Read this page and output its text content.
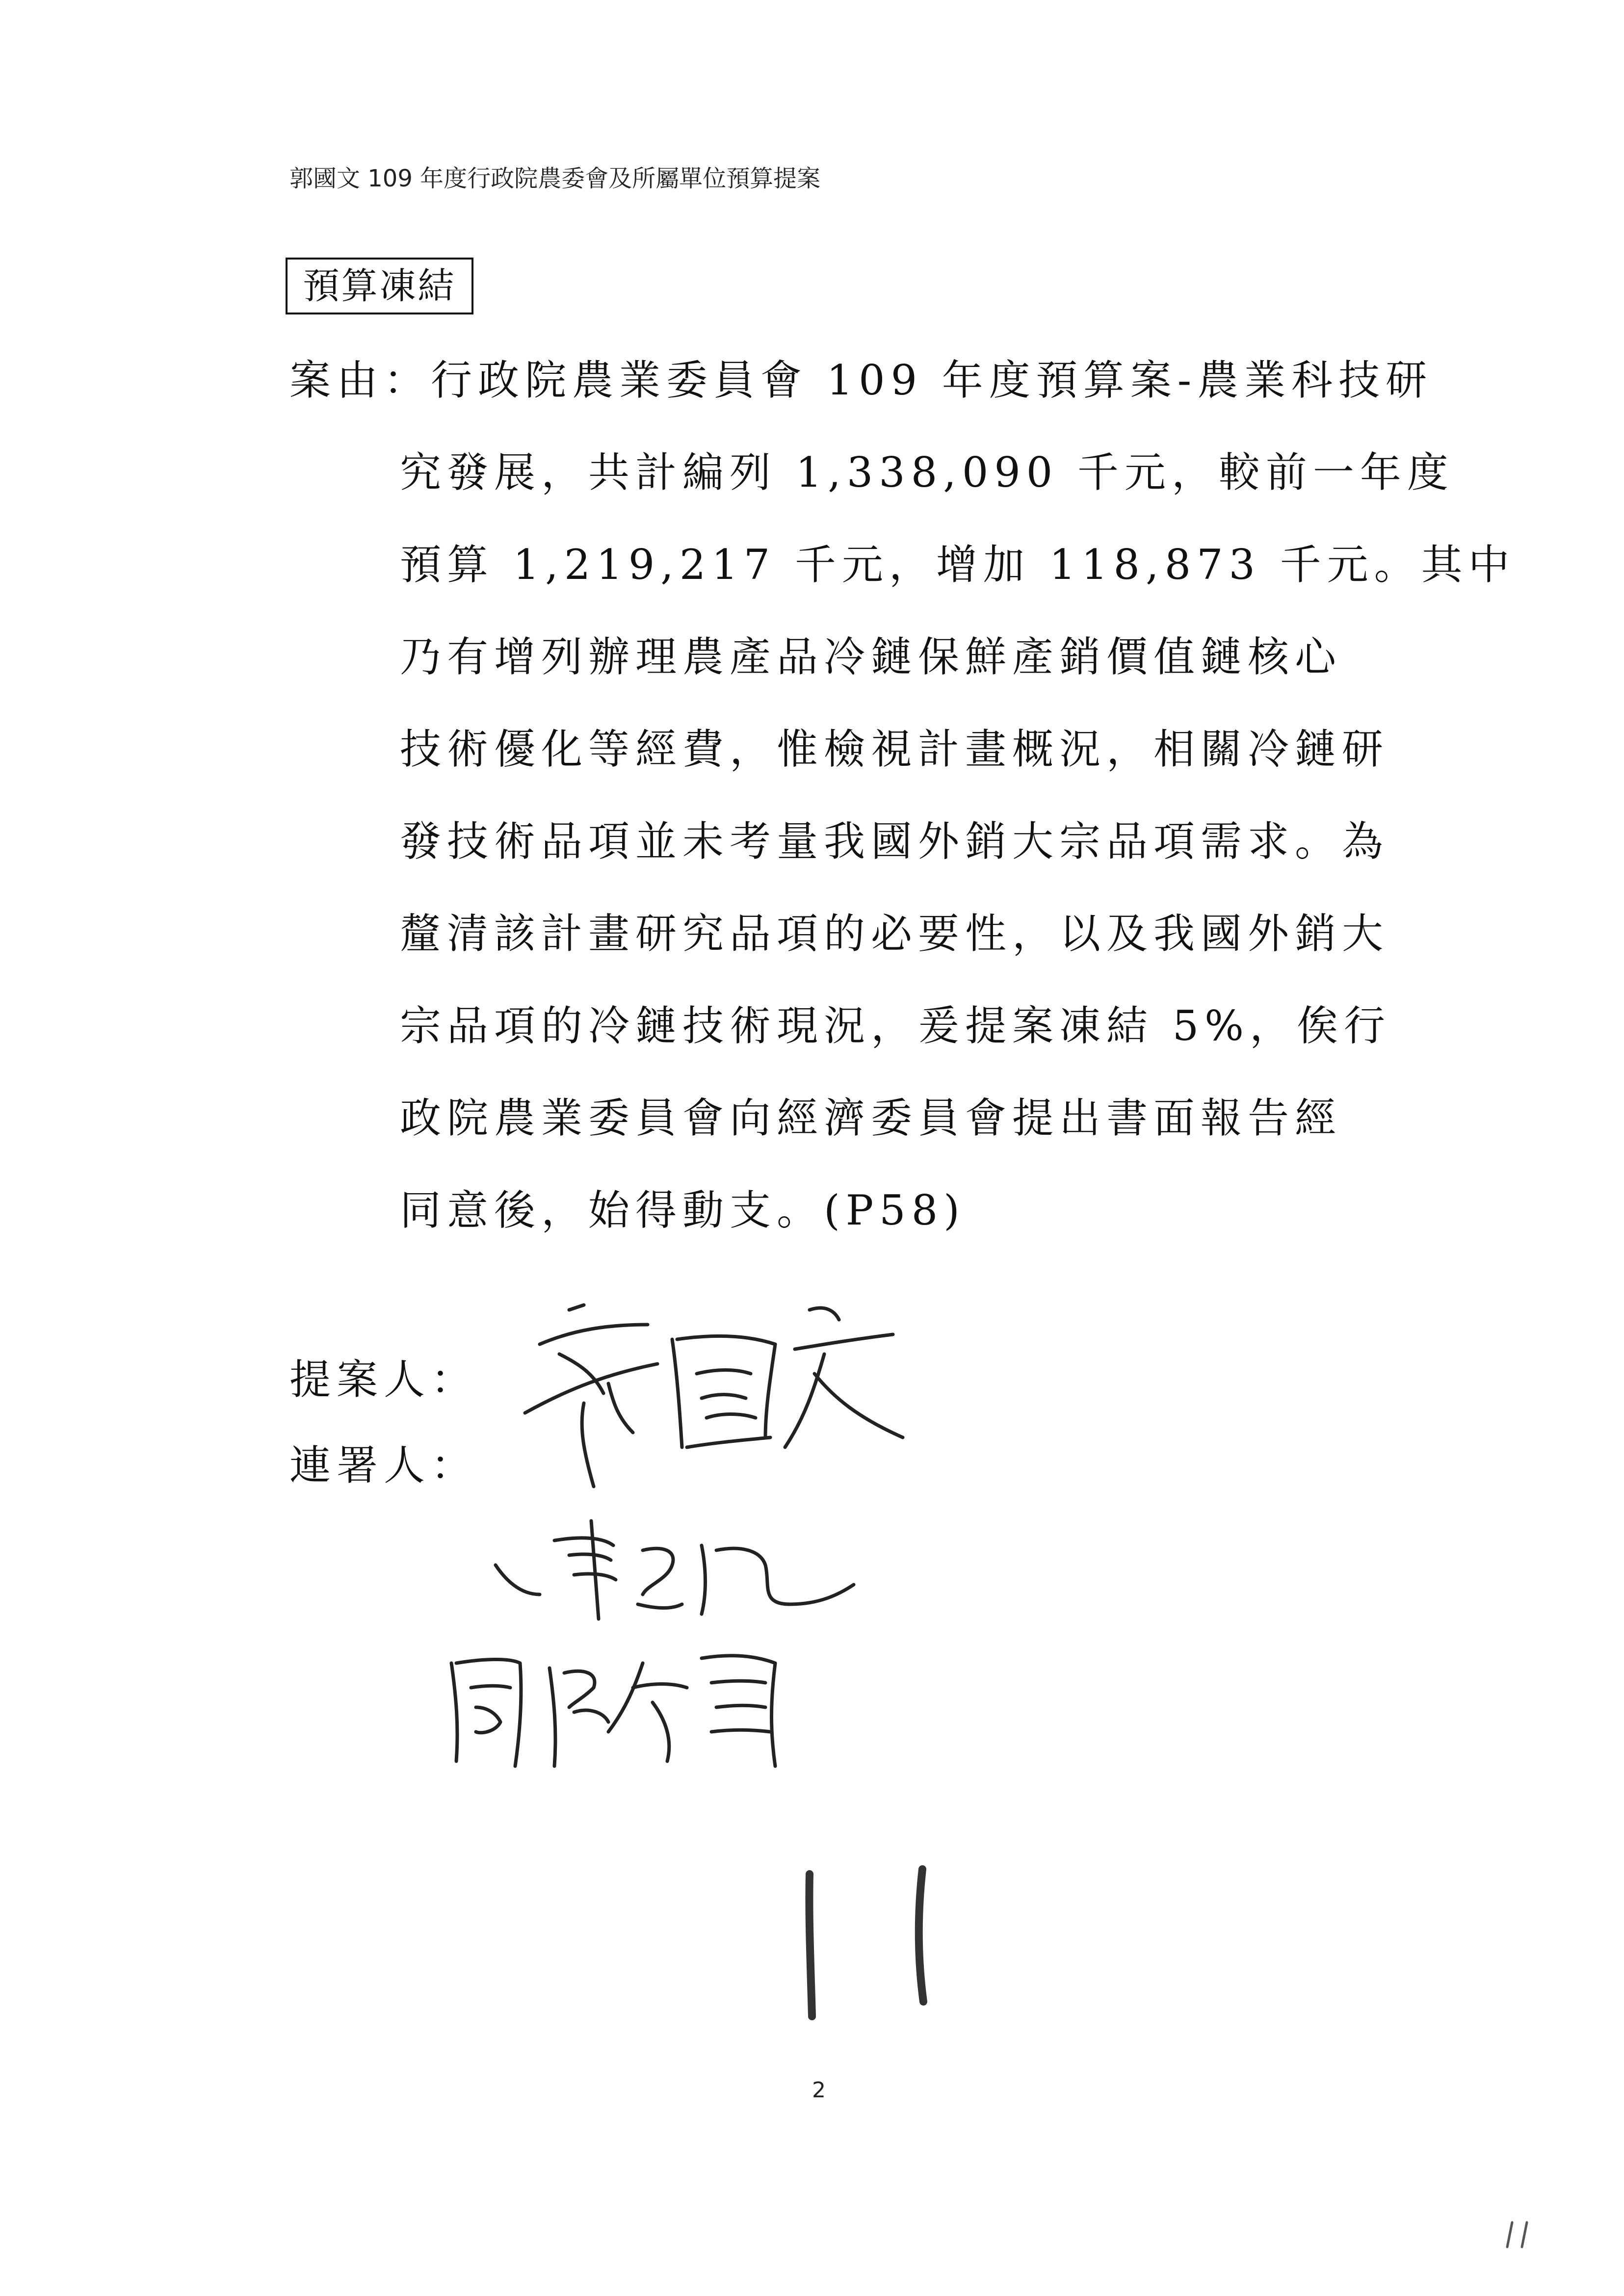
郭國文 109 年度行政院農委會及所屬單位預算提案
預算凍結
案由：行政院農業委員會 109 年度預算案-農業科技研
究發展，共計編列 1,338,090 千元，較前一年度
預算 1,219,217 千元，增加 118,873 千元。其中
乃有增列辦理農產品冷鏈保鮮產銷價值鏈核心
技術優化等經費，惟檢視計畫概況，相關冷鏈研
發技術品項並未考量我國外銷大宗品項需求。為
釐清該計畫研究品項的必要性，以及我國外銷大
宗品項的冷鏈技術現況，爰提案凍結 5%，俟行
政院農業委員會向經濟委員會提出書面報告經
同意後，始得動支。(P58)
提案人：
連署人：
2
